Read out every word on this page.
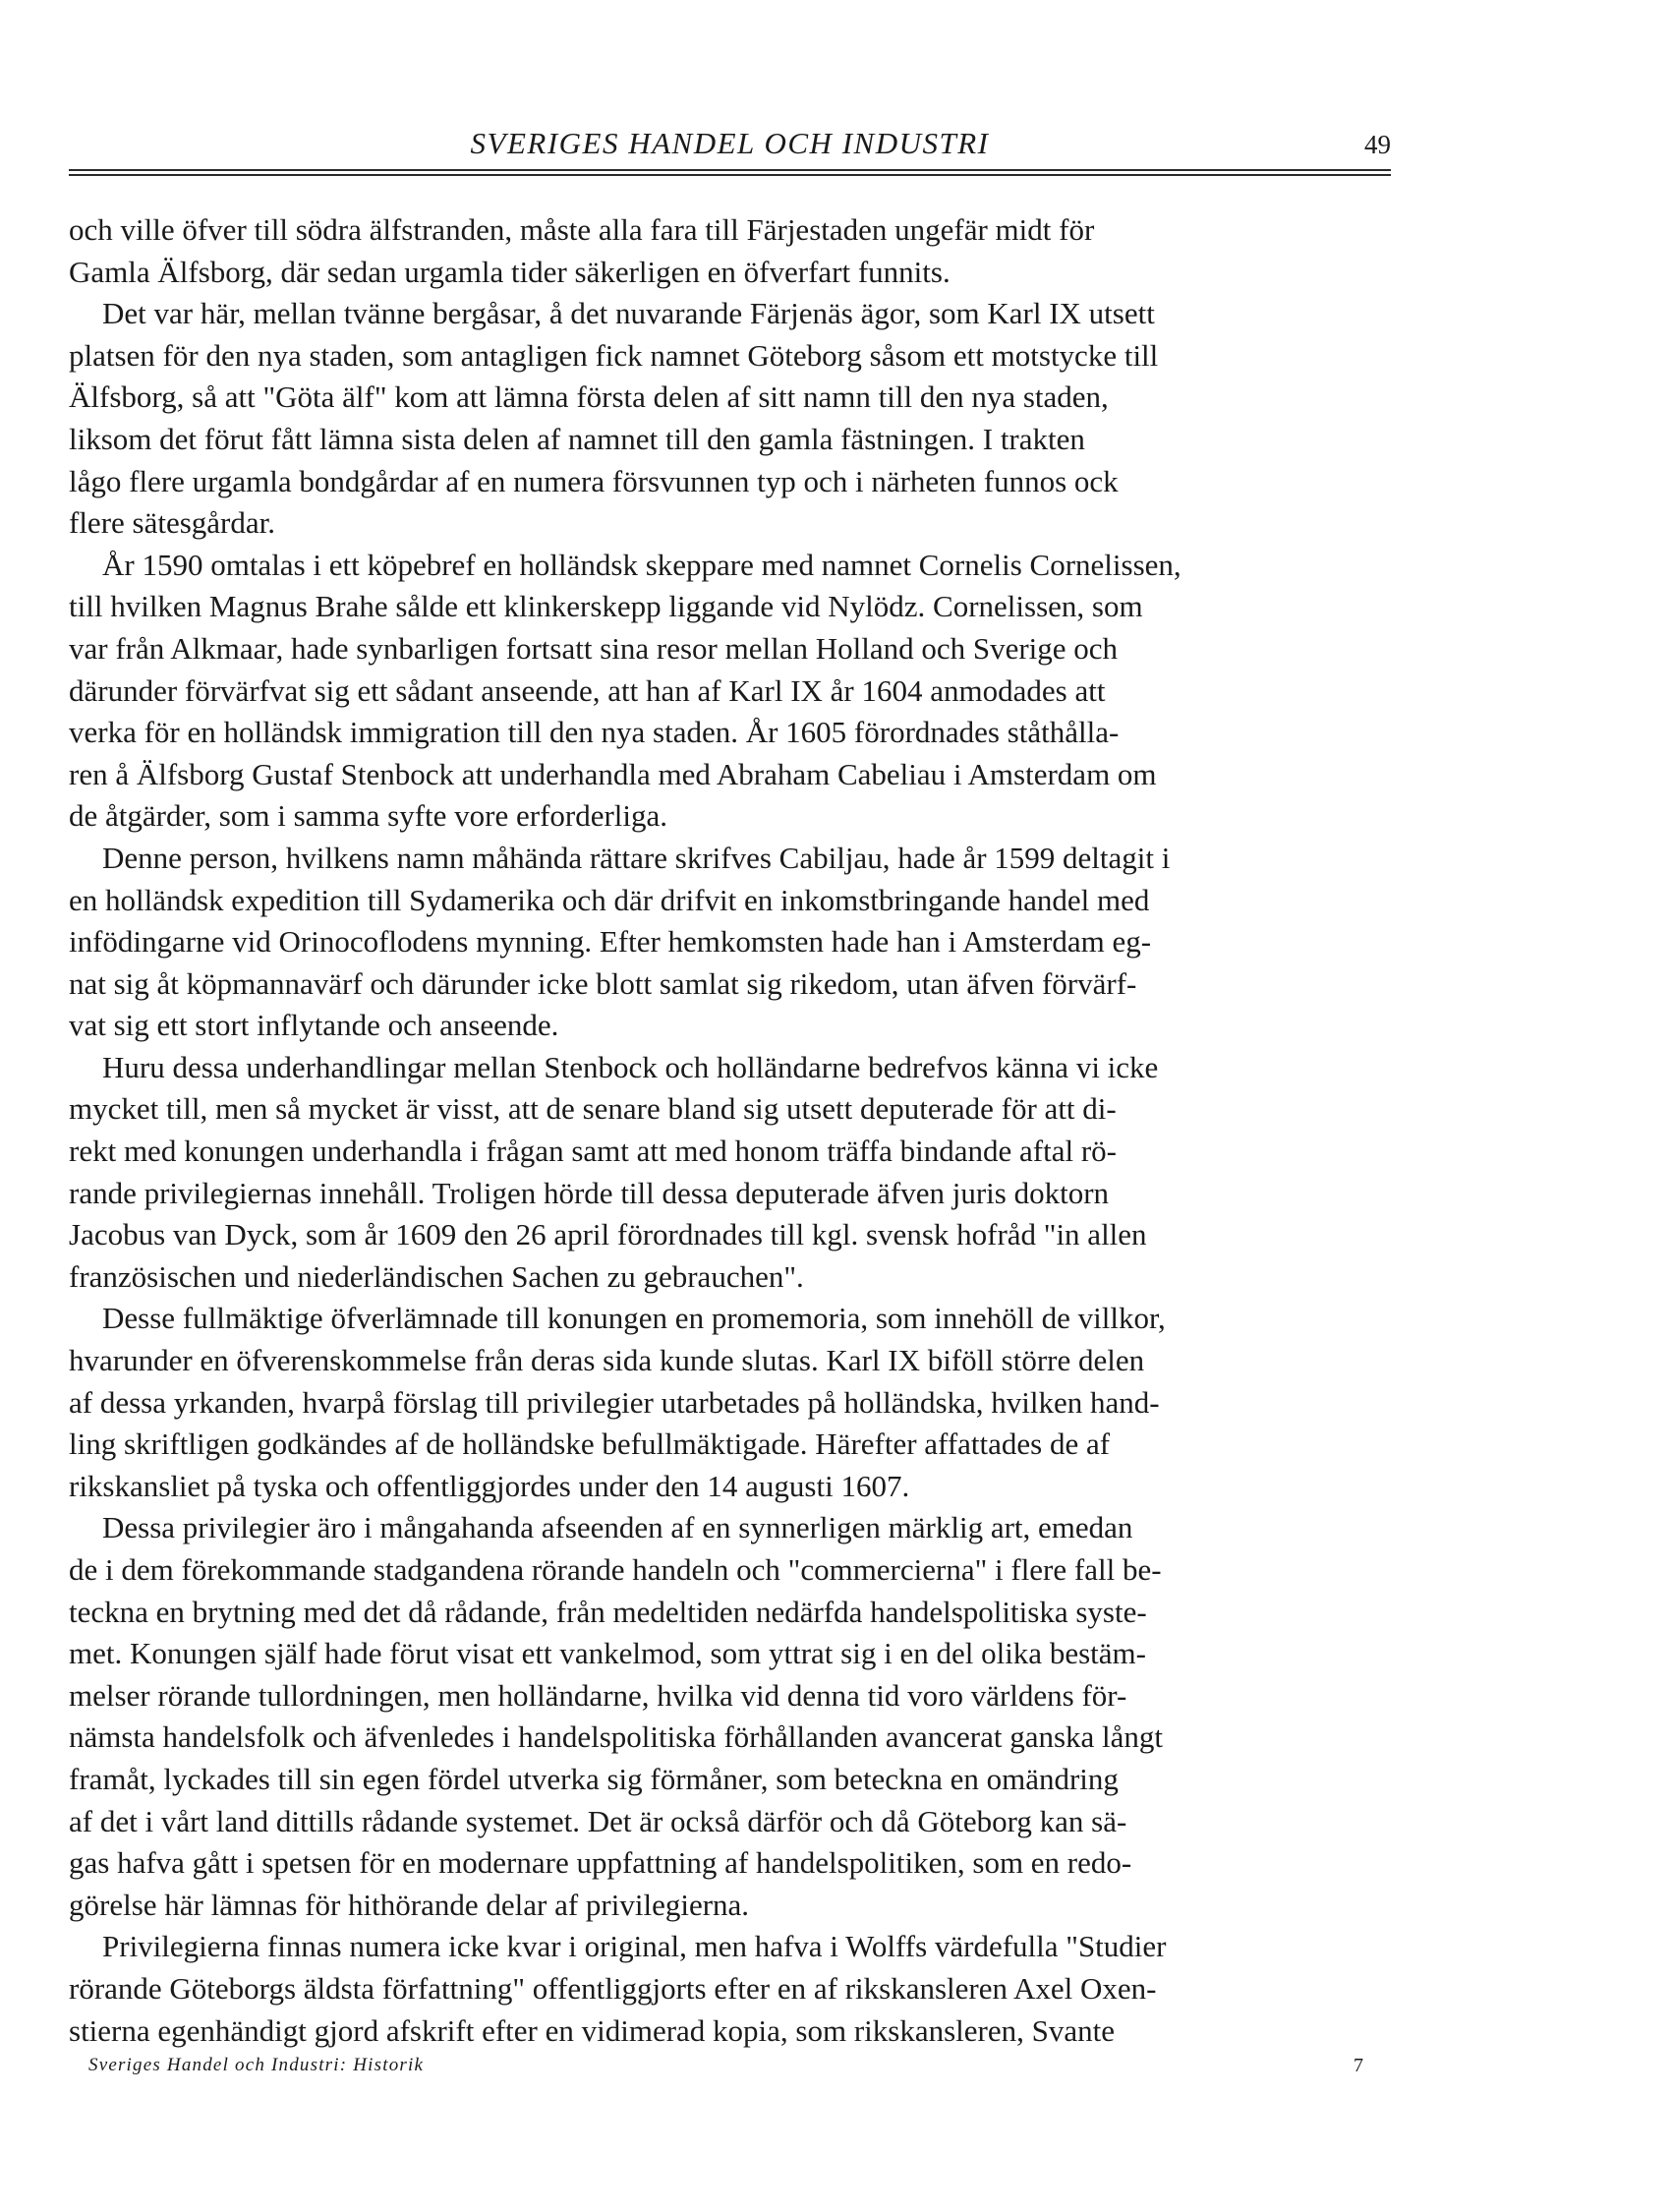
SVERIGES HANDEL OCH INDUSTRI	49

och ville öfver till södra älfstranden, måste alla fara till Färjestaden ungefär midt för
Gamla Älfsborg, där sedan urgamla tider säkerligen en öfverfart funnits.

Det var här, mellan tvänne bergåsar, å det nuvarande Färjenäs ägor, som Karl IX utsett
platsen för den nya staden, som antagligen fick namnet Göteborg såsom ett motstycke till
Älfsborg, så att "Göta älf" kom att lämna första delen af sitt namn till den nya staden,
liksom det förut fått lämna sista delen af namnet till den gamla fästningen. I trakten
lågo flere urgamla bondgårdar af en numera försvunnen typ och i närheten funnos ock
flere sätesgårdar.

År 1590 omtalas i ett köpebref en holländsk skeppare med namnet Cornelis Cornelissen,
till hvilken Magnus Brahe sålde ett klinkerskepp liggande vid Nylödz. Cornelissen, som
var från Alkmaar, hade synbarligen fortsatt sina resor mellan Holland och Sverige och
därunder förvärfvat sig ett sådant anseende, att han af Karl IX år 1604 anmodades att
verka för en holländsk immigration till den nya staden. År 1605 förordnades ståthålla-
ren å Älfsborg Gustaf Stenbock att underhandla med Abraham Cabeliau i Amsterdam om
de åtgärder, som i samma syfte vore erforderliga.

Denne person, hvilkens namn måhända rättare skrifves Cabiljau, hade år 1599 deltagit i
en holländsk expedition till Sydamerika och där drifvit en inkomstbringande handel med
infödingarne vid Orinocoflodens mynning. Efter hemkomsten hade han i Amsterdam eg-
nat sig åt köpmannavärf och därunder icke blott samlat sig rikedom, utan äfven förvärf-
vat sig ett stort inflytande och anseende.

Huru dessa underhandlingar mellan Stenbock och holländarne bedrefvos känna vi icke
mycket till, men så mycket är visst, att de senare bland sig utsett deputerade för att di-
rekt med konungen underhandla i frågan samt att med honom träffa bindande aftal rö-
rande privilegiernas innehåll. Troligen hörde till dessa deputerade äfven juris doktorn
Jacobus van Dyck, som år 1609 den 26 april förordnades till kgl. svensk hofråd "in allen
französischen und niederländischen Sachen zu gebrauchen".

Desse fullmäktige öfverlämnade till konungen en promemoria, som innehöll de villkor,
hvarunder en öfverenskommelse från deras sida kunde slutas. Karl IX biföll större delen
af dessa yrkanden, hvarpå förslag till privilegier utarbetades på holländska, hvilken hand-
ling skriftligen godkändes af de holländske befullmäktigade. Härefter affattades de af
rikskansliet på tyska och offentliggjordes under den 14 augusti 1607.

Dessa privilegier äro i mångahanda afseenden af en synnerligen märklig art, emedan
de i dem förekommande stadgandena rörande handeln och "commercierna" i flere fall be-
teckna en brytning med det då rådande, från medeltiden nedärfda handelspolitiska syste-
met. Konungen själf hade förut visat ett vankelmod, som yttrat sig i en del olika bestäm-
melser rörande tullordningen, men holländarne, hvilka vid denna tid voro världens för-
nämsta handelsfolk och äfvenledes i handelspolitiska förhållanden avancerat ganska långt
framåt, lyckades till sin egen fördel utverka sig förmåner, som beteckna en omändring
af det i vårt land dittills rådande systemet. Det är också därför och då Göteborg kan sä-
gas hafva gått i spetsen för en modernare uppfattning af handelspolitiken, som en redo-
görelse här lämnas för hithörande delar af privilegierna.

Privilegierna finnas numera icke kvar i original, men hafva i Wolffs värdefulla "Studier
rörande Göteborgs äldsta författning" offentliggjorts efter en af rikskansleren Axel Oxen-
stierna egenhändigt gjord afskrift efter en vidimerad kopia, som rikskansleren, Svante

Sveriges Handel och Industri: Historik	7
